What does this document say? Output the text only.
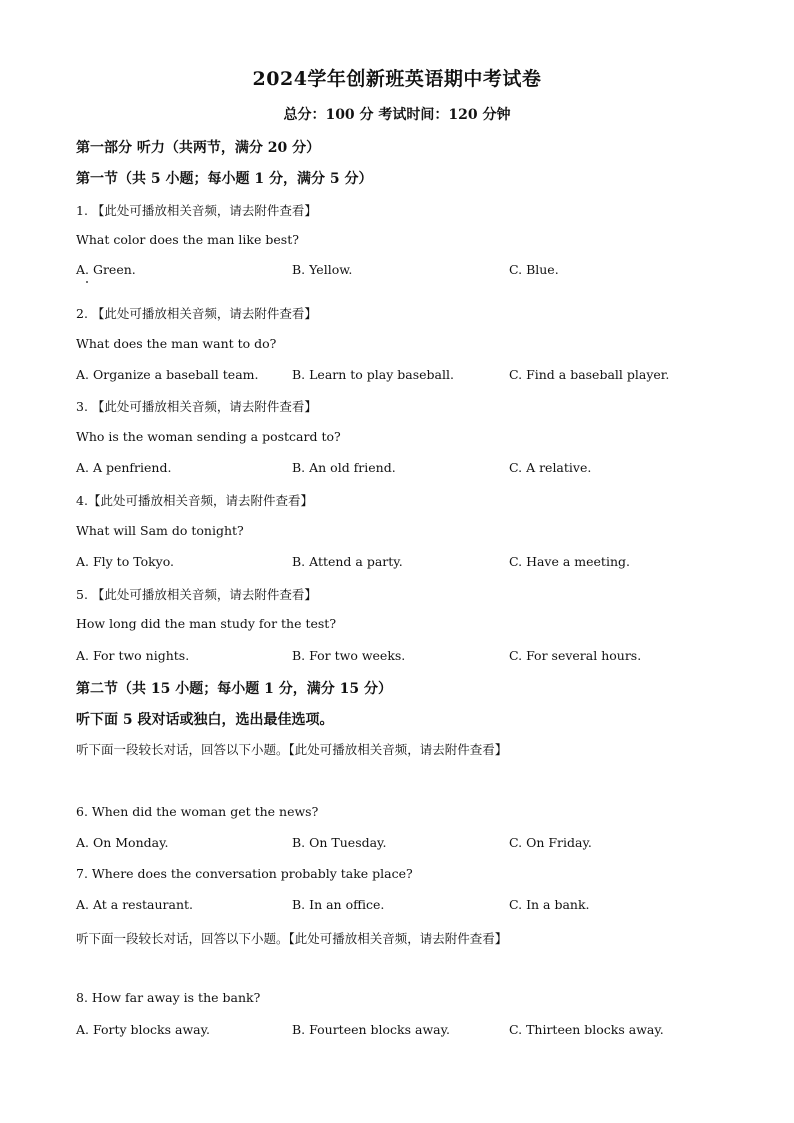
2024学年创新班英语期中考试卷
总分：100 分 考试时间：120 分钟
第一部分 听力（共两节，满分 20 分）
第一节（共 5 小题；每小题 1 分，满分 5 分）
1. 【此处可播放相关音频，请去附件查看】
What color does the man like best?
A. Green.	B. Yellow.	C. Blue.
2. 【此处可播放相关音频，请去附件查看】
What does the man want to do?
A. Organize a baseball team.	B. Learn to play baseball.	C. Find a baseball player.
3. 【此处可播放相关音频，请去附件查看】
Who is the woman sending a postcard to?
A. A penfriend.	B. An old friend.	C. A relative.
4.【此处可播放相关音频，请去附件查看】
What will Sam do tonight?
A. Fly to Tokyo.	B. Attend a party.	C. Have a meeting.
5. 【此处可播放相关音频，请去附件查看】
How long did the man study for the test?
A. For two nights.	B. For two weeks.	C. For several hours.
第二节（共 15 小题；每小题 1 分，满分 15 分）
听下面 5 段对话或独白，选出最佳选项。
听下面一段较长对话，回答以下小题。【此处可播放相关音频，请去附件查看】
6. When did the woman get the news?
A. On Monday.	B. On Tuesday.	C. On Friday.
7. Where does the conversation probably take place?
A. At a restaurant.	B. In an office.	C. In a bank.
听下面一段较长对话，回答以下小题。【此处可播放相关音频，请去附件查看】
8. How far away is the bank?
A. Forty blocks away.	B. Fourteen blocks away.	C. Thirteen blocks away.
